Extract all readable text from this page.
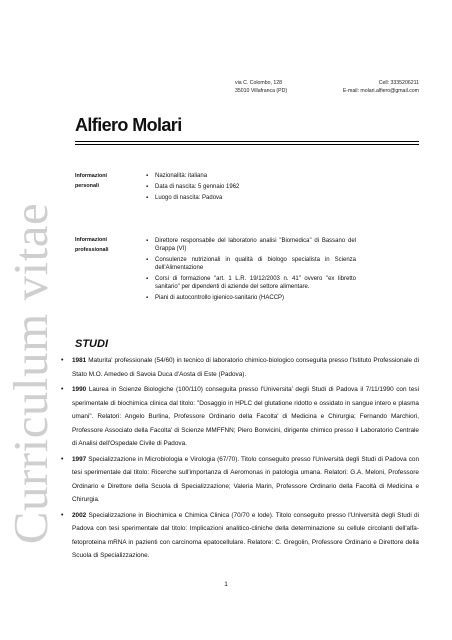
Curriculum vitae
via C. Colombo, 128
35010 Villafranca (PD)
Cell: 3335206211
E-mail: molari.alfiero@gmail.com
Alfiero Molari
Informazioni
personali
▪ Nazionalità: italiana
▪ Data di nascita: 5 gennaio 1962
▪ Luogo di nascita: Padova
Informazioni
professionali
▪ Direttore responsabile del laboratorio analisi "Biomedica" di Bassano del Grappa (VI)
▪ Consulenze nutrizionali in qualità di biologo specialista in Scienza dell'Alimentazione
▪ Corsi di formazione "art. 1 L.R. 19/12/2003 n. 41" ovvero "ex libretto sanitario" per dipendenti di aziende del settore alimentare.
▪ Piani di autocontrollo igienico-sanitario (HACCP)
STUDI
• 1981 Maturita' professionale (54/60) in tecnico di laboratorio chimico-biologico conseguita presso l'Istituto Professionale di Stato M.O. Amedeo di Savoia Duca d'Aosta di Este (Padova).
• 1990 Laurea in Scienze Biologiche (100/110) conseguita presso l'Universita' degli Studi di Padova il 7/11/1990 con tesi sperimentale di biochimica clinica dal titolo: "Dosaggio in HPLC del glutatione ridotto e ossidato in sangue intero e plasma umani". Relatori: Angelo Burlina, Professore Ordinario della Facolta' di Medicina e Chirurgia; Fernando Marchiori, Professore Associato della Facolta' di Scienze MMFFNN; Piero Bonvicini, dirigente chimico presso il Laboratorio Centrale di Analisi dell'Ospedale Civile di Padova.
• 1997 Specializzazione in Microbiologia e Virologia (67/70). Titolo conseguito presso l'Università degli Studi di Padova con tesi sperimentale dal titolo: Ricerche sull'importanza di Aeromonas in patologia umana. Relatori: G.A. Meloni, Professore Ordinario e Direttore della Scuola di Specializzazione; Valeria Marin, Professore Ordinario della Facoltà di Medicina e Chirurgia.
• 2002 Specializzazione in Biochimica e Chimica Clinica (70/70 e lode). Titolo conseguito presso l'Università degli Studi di Padova con tesi sperimentale dal titolo: Implicazioni analitico-cliniche della determinazione su cellule circolanti dell'alfa-fetoproteina mRNA in pazienti con carcinoma epatocellulare. Relatore: C. Gregolin, Professore Ordinario e Direttore della Scuola di Specializzazione.
1
